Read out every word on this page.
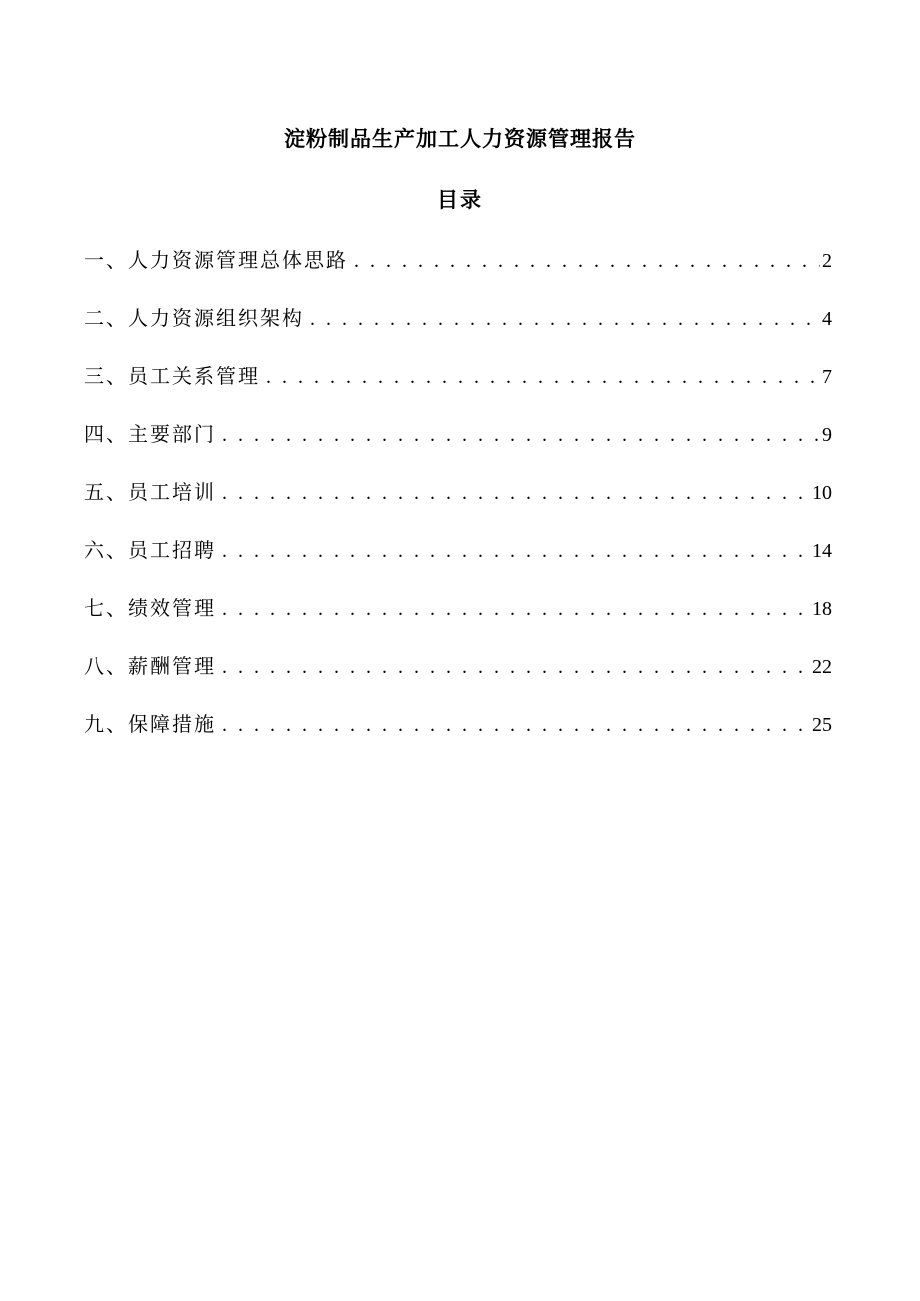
淀粉制品生产加工人力资源管理报告
目录
一、 人力资源管理总体思路 . . .	2
二、 人力资源组织架构 . . .	4
三、 员工关系管理 . . .	7
四、 主要部门 . . .	9
五、 员工培训 . . .	10
六、 员工招聘 . . .	14
七、 绩效管理 . . .	18
八、 薪酬管理 . . .	22
九、 保障措施 . . .	25
